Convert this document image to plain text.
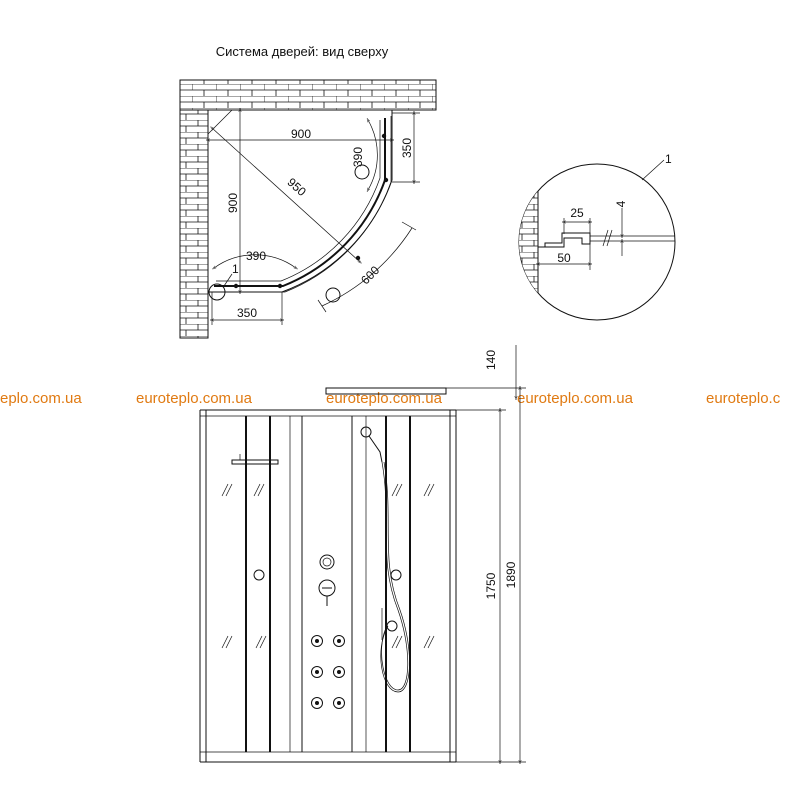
Система дверей: вид сверху
950
900
900
390
390
350
350
600
1
25
4
50
1
eplo.com.ua	euroteplo.com.ua	euroteplo.com.ua	euroteplo.com.ua	euroteplo.c
140
1750 1890
